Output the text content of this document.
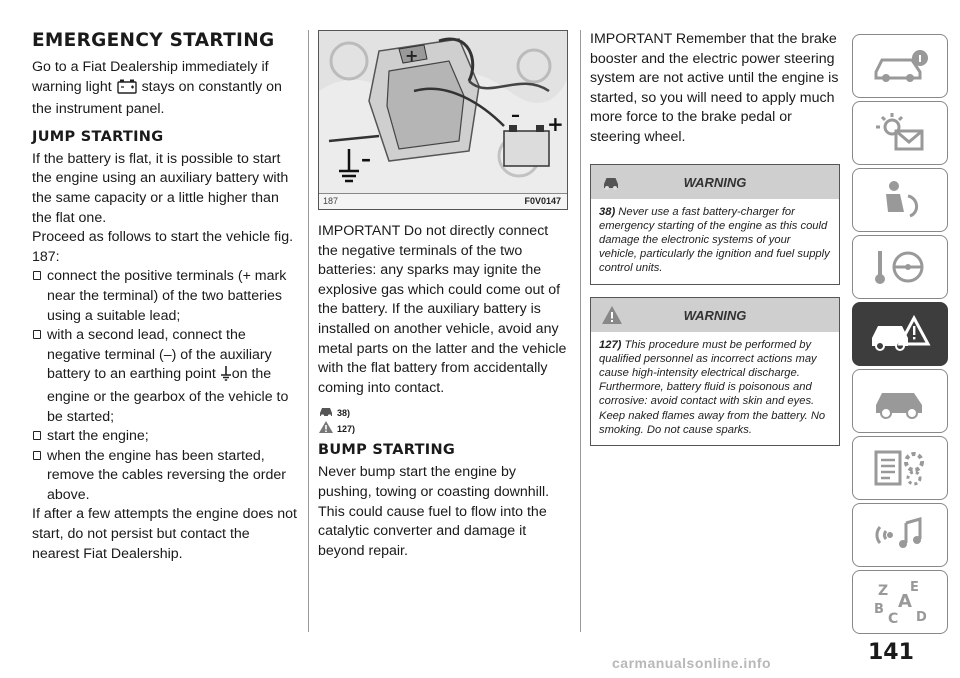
EMERGENCY STARTING

Go to a Fiat Dealership immediately if warning light stays on constantly on the instrument panel.

JUMP STARTING

If the battery is flat, it is possible to start the engine using an auxiliary battery with the same capacity or a little higher than the flat one.

Proceed as follows to start the vehicle fig. 187:

connect the positive terminals (+ mark near the terminal) of the two batteries using a suitable lead;

with a second lead, connect the negative terminal (–) of the auxiliary battery to an earthing point on the engine or the gearbox of the vehicle to be started;

start the engine;

when the engine has been started, remove the cables reversing the order above.

If after a few attempts the engine does not start, do not persist but contact the nearest Fiat Dealership.

+
+
–
–
187	F0V0147

IMPORTANT Do not directly connect the negative terminals of the two batteries: any sparks may ignite the explosive gas which could come out of the battery. If the auxiliary battery is installed on another vehicle, avoid any metal parts on the latter and the vehicle with the flat battery from accidentally coming into contact.

38)
127)
BUMP STARTING

Never bump start the engine by pushing, towing or coasting downhill. This could cause fuel to flow into the catalytic converter and damage it beyond repair.

IMPORTANT Remember that the brake booster and the electric power steering system are not active until the engine is started, so you will need to apply much more force to the brake pedal or steering wheel.

WARNING
38) Never use a fast battery-charger for emergency starting of the engine as this could damage the electronic systems of your vehicle, particularly the ignition and fuel supply control units.
WARNING
127) This procedure must be performed by qualified personnel as incorrect actions may cause high-intensity electrical discharge. Furthermore, battery fluid is poisonous and corrosive: avoid contact with skin and eyes. Keep naked flames away from the battery. No smoking. Do not cause sparks.
Z E
A
B
C D
141
carmanualsonline.info
